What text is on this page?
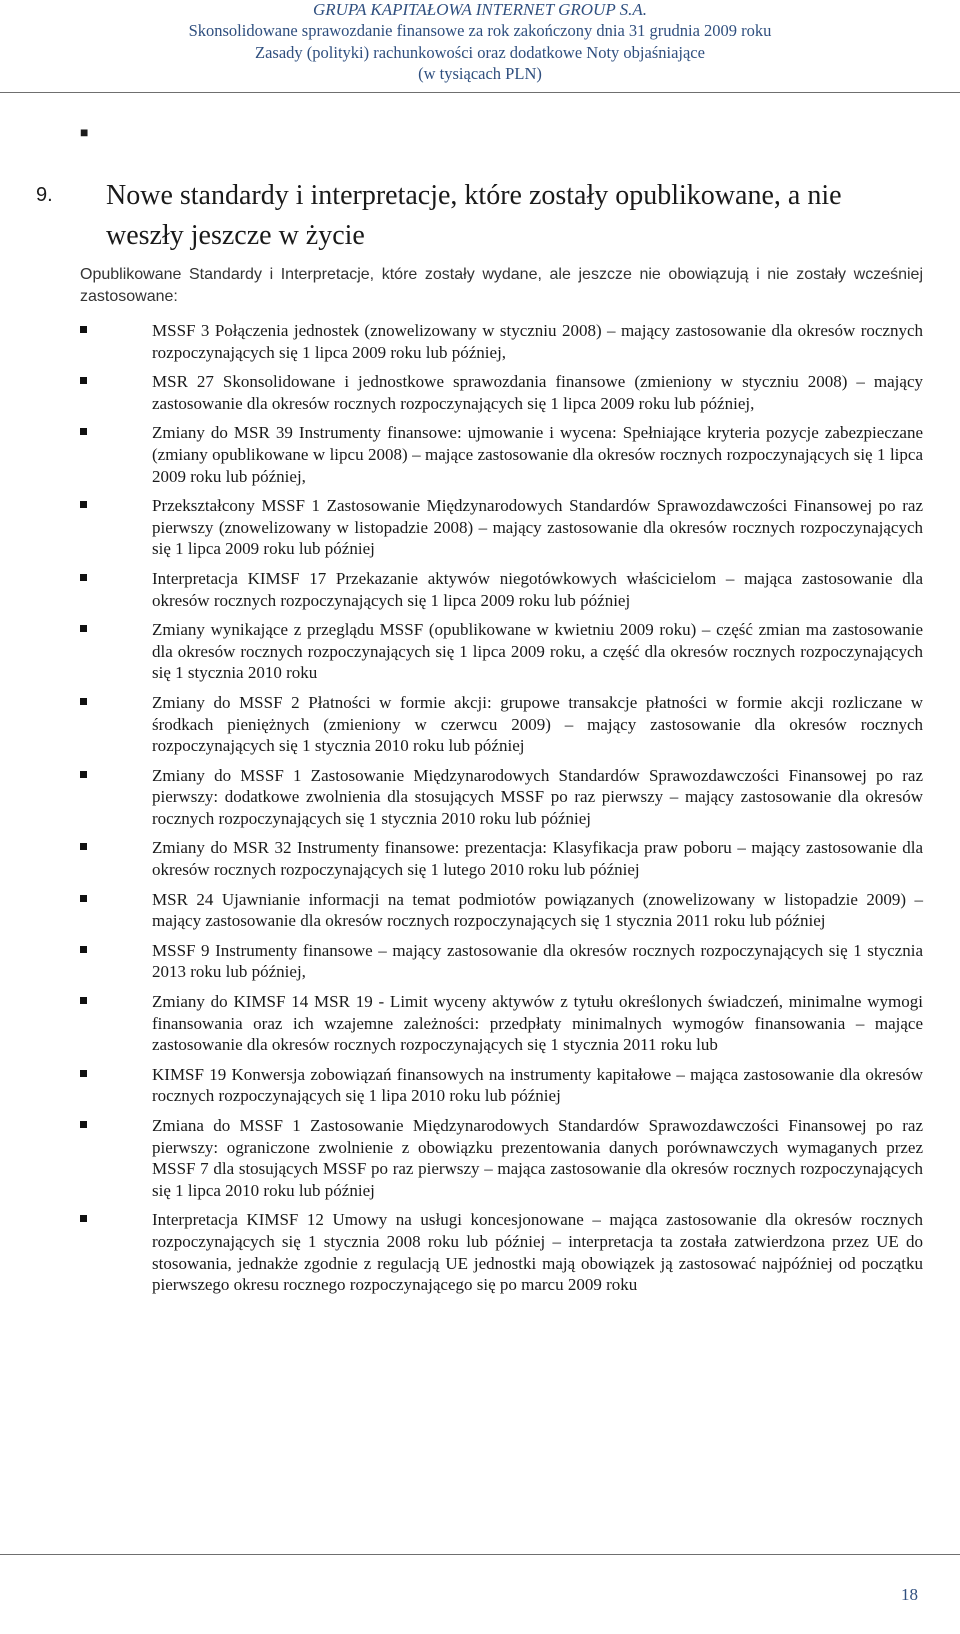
GRUPA KAPITAŁOWA INTERNET GROUP S.A.
Skonsolidowane sprawozdanie finansowe za rok zakończony dnia 31 grudnia 2009 roku
Zasady (polityki) rachunkowości oraz dodatkowe Noty objaśniające
(w tysiącach PLN)
■
9. Nowe standardy i interpretacje, które zostały opublikowane, a nie weszły jeszcze w życie
Opublikowane Standardy i Interpretacje, które zostały wydane, ale jeszcze nie obowiązują i nie zostały wcześniej zastosowane:
MSSF 3 Połączenia jednostek (znowelizowany w styczniu 2008) – mający zastosowanie dla okresów rocznych rozpoczynających się 1 lipca 2009 roku lub później,
MSR 27 Skonsolidowane i jednostkowe sprawozdania finansowe (zmieniony w styczniu 2008) – mający zastosowanie dla okresów rocznych rozpoczynających się 1 lipca 2009 roku lub później,
Zmiany do MSR 39 Instrumenty finansowe: ujmowanie i wycena: Spełniające kryteria pozycje zabezpieczane (zmiany opublikowane w lipcu 2008) – mające zastosowanie dla okresów rocznych rozpoczynających się 1 lipca 2009 roku lub później,
Przekształcony MSSF 1 Zastosowanie Międzynarodowych Standardów Sprawozdawczości Finansowej po raz pierwszy (znowelizowany w listopadzie 2008) – mający zastosowanie dla okresów rocznych rozpoczynających się 1 lipca 2009 roku lub później
Interpretacja KIMSF 17 Przekazanie aktywów niegotówkowych właścicielom – mająca zastosowanie dla okresów rocznych rozpoczynających się 1 lipca 2009 roku lub później
Zmiany wynikające z przeglądu MSSF (opublikowane w kwietniu 2009 roku) – część zmian ma zastosowanie dla okresów rocznych rozpoczynających się 1 lipca 2009 roku, a część dla okresów rocznych rozpoczynających się 1 stycznia 2010 roku
Zmiany do MSSF 2 Płatności w formie akcji: grupowe transakcje płatności w formie akcji rozliczane w środkach pieniężnych (zmieniony w czerwcu 2009) – mający zastosowanie dla okresów rocznych rozpoczynających się 1 stycznia 2010 roku lub później
Zmiany do MSSF 1 Zastosowanie Międzynarodowych Standardów Sprawozdawczości Finansowej po raz pierwszy: dodatkowe zwolnienia dla stosujących MSSF po raz pierwszy – mający zastosowanie dla okresów rocznych rozpoczynających się 1 stycznia 2010 roku lub później
Zmiany do MSR 32 Instrumenty finansowe: prezentacja: Klasyfikacja praw poboru – mający zastosowanie dla okresów rocznych rozpoczynających się 1 lutego 2010 roku lub później
MSR 24 Ujawnianie informacji na temat podmiotów powiązanych (znowelizowany w listopadzie 2009) – mający zastosowanie dla okresów rocznych rozpoczynających się 1 stycznia 2011 roku lub później
MSSF 9 Instrumenty finansowe – mający zastosowanie dla okresów rocznych rozpoczynających się 1 stycznia 2013 roku lub później,
Zmiany do KIMSF 14 MSR 19 - Limit wyceny aktywów z tytułu określonych świadczeń, minimalne wymogi finansowania oraz ich wzajemne zależności: przedpłaty minimalnych wymogów finansowania – mające zastosowanie dla okresów rocznych rozpoczynających się 1 stycznia 2011 roku lub
KIMSF 19 Konwersja zobowiązań finansowych na instrumenty kapitałowe – mająca zastosowanie dla okresów rocznych rozpoczynających się 1 lipa 2010 roku lub później
Zmiana do MSSF 1 Zastosowanie Międzynarodowych Standardów Sprawozdawczości Finansowej po raz pierwszy: ograniczone zwolnienie z obowiązku prezentowania danych porównawczych wymaganych przez MSSF 7 dla stosujących MSSF po raz pierwszy – mająca zastosowanie dla okresów rocznych rozpoczynających się 1 lipca 2010 roku lub później
Interpretacja KIMSF 12 Umowy na usługi koncesjonowane – mająca zastosowanie dla okresów rocznych rozpoczynających się 1 stycznia 2008 roku lub później – interpretacja ta została zatwierdzona przez UE do stosowania, jednakże zgodnie z regulacją UE jednostki mają obowiązek ją zastosować najpóźniej od początku pierwszego okresu rocznego rozpoczynającego się po marcu 2009 roku
18
